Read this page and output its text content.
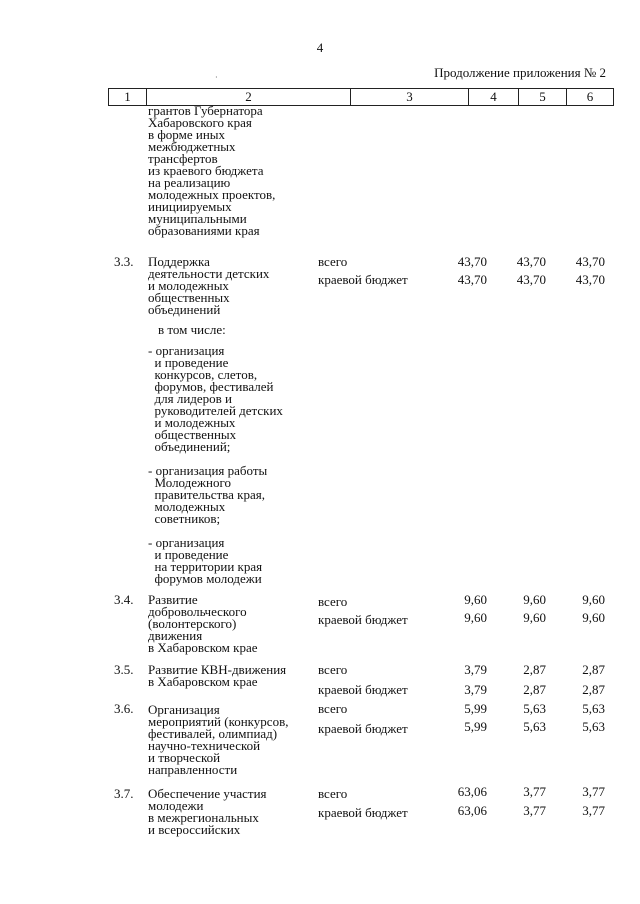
4
·	Продолжение приложения № 2
1	2	3	4	5	6
грантов Губернатора
Хабаровского края
в форме иных
межбюджетных
трансфертов
из краевого бюджета
на реализацию
молодежных проектов,
инициируемых
муниципальными
образованиями края
3.3. Поддержка
деятельности детских
и молодежных
общественных
объединений
всего	43,70	43,70	43,70
краевой бюджет	43,70	43,70	43,70
в том числе:
- организация
и проведение
конкурсов, слетов,
форумов, фестивалей
для лидеров и
руководителей детских
и молодежных
общественных
объединений;
- организация работы
Молодежного
правительства края,
молодежных
советников;
- организация
и проведение
на территории края
форумов молодежи
3.4. Развитие
добровольческого
(волонтерского)
движения
в Хабаровском крае
всего	9,60	9,60	9,60
краевой бюджет	9,60	9,60	9,60
3.5. Развитие КВН-движения
в Хабаровском крае
всего	3,79	2,87	2,87
краевой бюджет	3,79	2,87	2,87
3.6. Организация
мероприятий (конкурсов,
фестивалей, олимпиад)
научно-технической
и творческой
направленности
всего	5,99	5,63	5,63
краевой бюджет	5,99	5,63	5,63
3.7. Обеспечение участия
молодежи
в межрегиональных
и всероссийских
всего	63,06	3,77	3,77
краевой бюджет	63,06	3,77	3,77
